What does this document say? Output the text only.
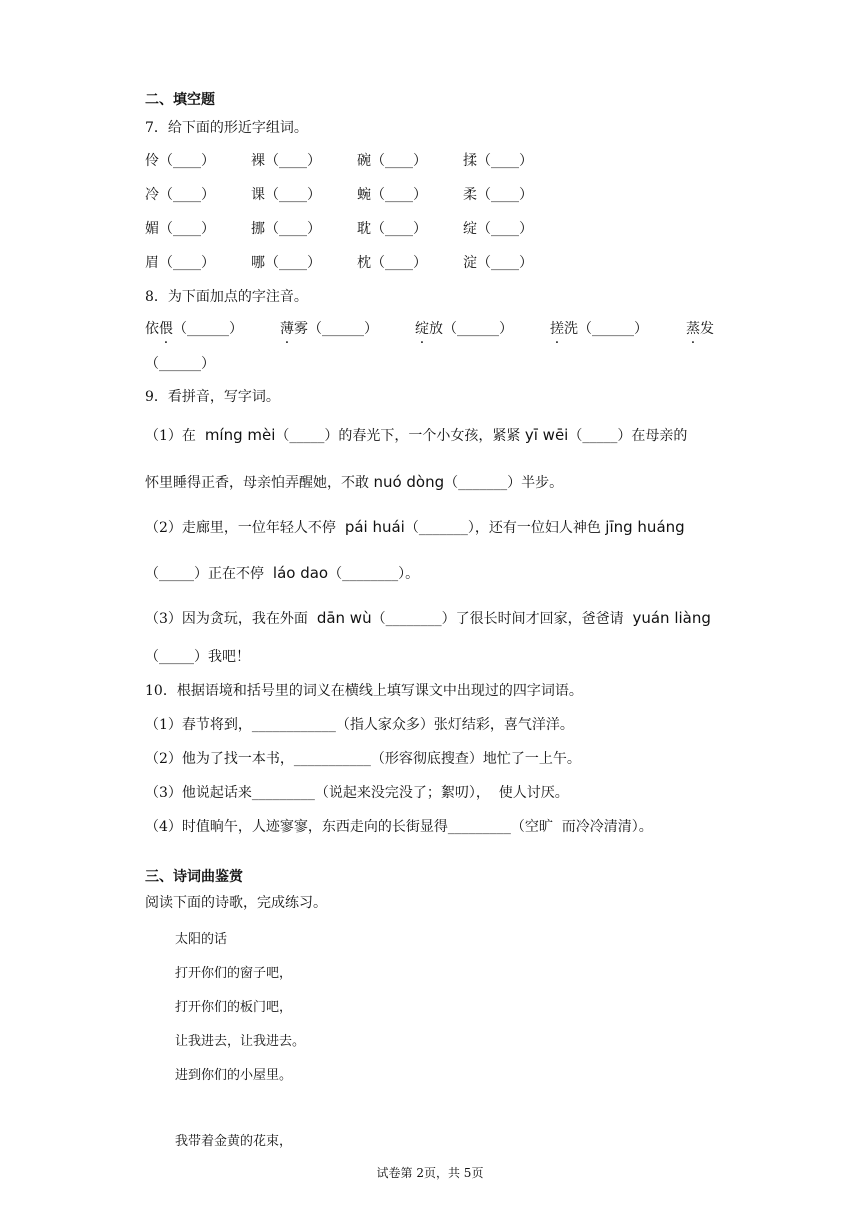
二、填空题
7．给下面的形近字组词。
伶（____）	裸（____）	碗（____）	揉（____）
冷（____）	课（____）	蜿（____）	柔（____）
媚（____）	挪（____）	耽（____）	绽（____）
眉（____）	哪（____）	枕（____）	淀（____）
8．为下面加点的字注音。
依偎（______）	薄雾（______）	绽放（______）	搓洗（______）	蒸发
（______）
9．看拼音，写字词。
（1）在  míng mèi（_____）的春光下，一个小女孩，紧紧 yī wēi（_____）在母亲的
怀里睡得正香，母亲怕弄醒她，不敢 nuó dòng（_______）半步。
（2）走廊里，一位年轻人不停  pái huái（_______），还有一位妇人神色 jīng huáng
（_____）正在不停  láo dao（________）。
（3）因为贪玩，我在外面  dān wù（________）了很长时间才回家，爸爸请  yuán liàng
（_____）我吧！
10．根据语境和括号里的词义在横线上填写课文中出现过的四字词语。
（1）春节将到，____________（指人家众多）张灯结彩，喜气洋洋。
（2）他为了找一本书，___________（形容彻底搜查）地忙了一上午。
（3）他说起话来_________（说起来没完没了；絮叨），  使人讨厌。
（4）时值晌午，人迹寥寥，东西走向的长街显得_________（空旷  而冷冷清清）。
三、诗词曲鉴赏
阅读下面的诗歌，完成练习。
太阳的话
打开你们的窗子吧，
打开你们的板门吧，
让我进去，让我进去。
进到你们的小屋里。
我带着金黄的花束，
试卷第 2页，共 5页
